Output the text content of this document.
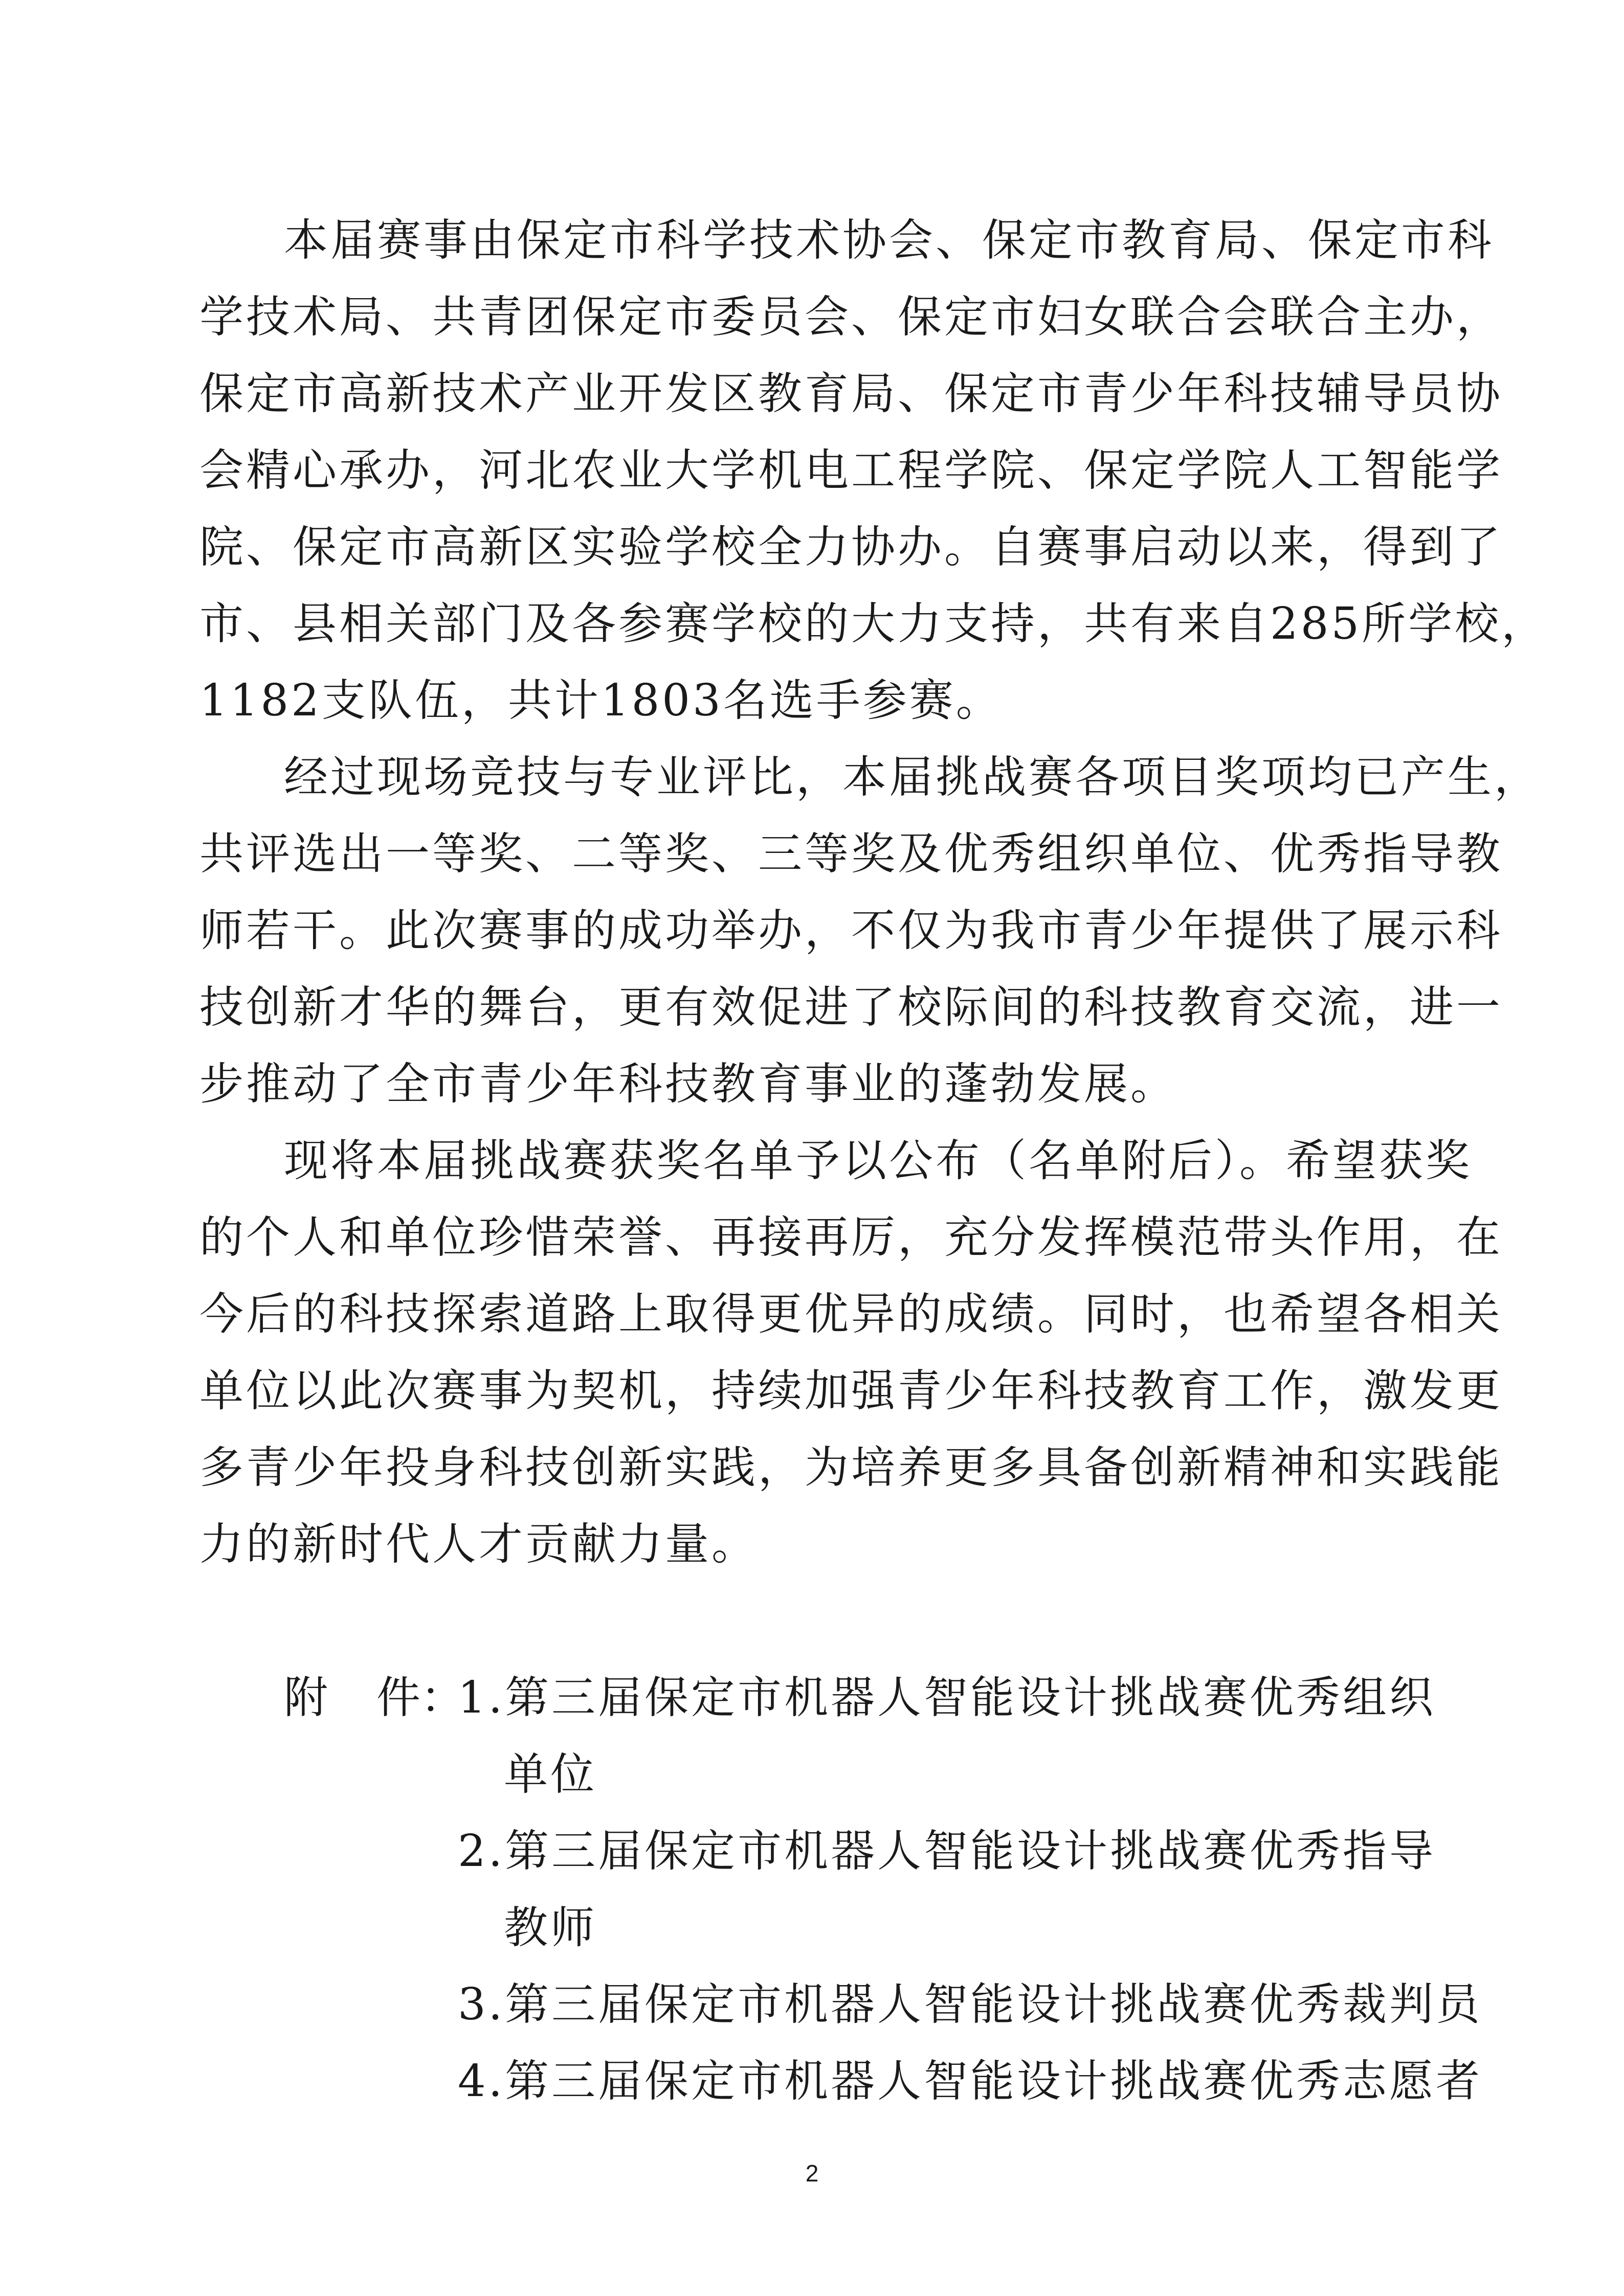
本届赛事由保定市科学技术协会、保定市教育局、保定市科
学技术局、共青团保定市委员会、保定市妇女联合会联合主办，
保定市高新技术产业开发区教育局、保定市青少年科技辅导员协
会精心承办，河北农业大学机电工程学院、保定学院人工智能学
院、保定市高新区实验学校全力协办。自赛事启动以来，得到了
市、县相关部门及各参赛学校的大力支持，共有来自285所学校，
1182支队伍，共计1803名选手参赛。
经过现场竞技与专业评比，本届挑战赛各项目奖项均已产生，
共评选出一等奖、二等奖、三等奖及优秀组织单位、优秀指导教
师若干。此次赛事的成功举办，不仅为我市青少年提供了展示科
技创新才华的舞台，更有效促进了校际间的科技教育交流，进一
步推动了全市青少年科技教育事业的蓬勃发展。
现将本届挑战赛获奖名单予以公布（名单附后）。希望获奖
的个人和单位珍惜荣誉、再接再厉，充分发挥模范带头作用，在
今后的科技探索道路上取得更优异的成绩。同时，也希望各相关
单位以此次赛事为契机，持续加强青少年科技教育工作，激发更
多青少年投身科技创新实践，为培养更多具备创新精神和实践能
力的新时代人才贡献力量。
附 件：
1.第三届保定市机器人智能设计挑战赛优秀组织
单位
2.第三届保定市机器人智能设计挑战赛优秀指导
教师
3.第三届保定市机器人智能设计挑战赛优秀裁判员
4.第三届保定市机器人智能设计挑战赛优秀志愿者
2
